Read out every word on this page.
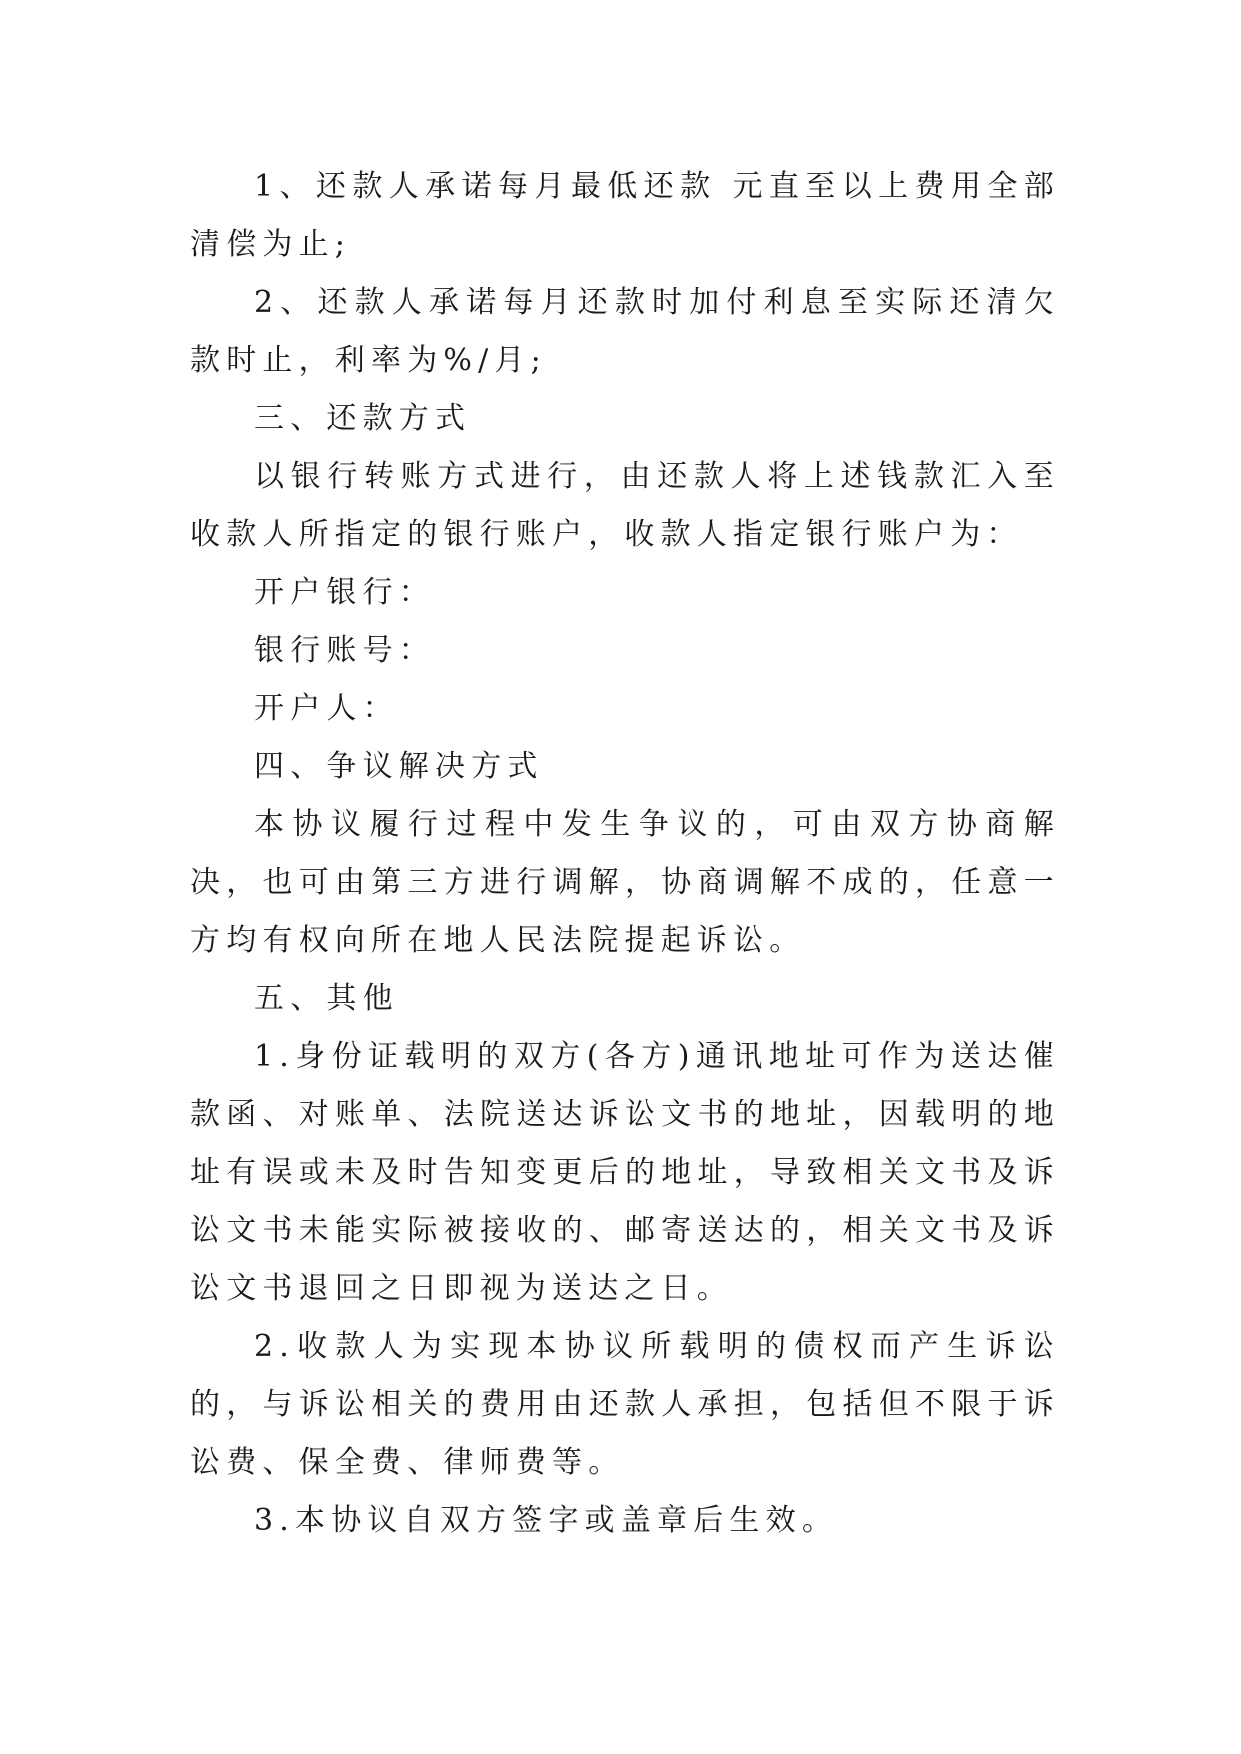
1、还款人承诺每月最低还款 元直至以上费用全部清偿为止;

2、还款人承诺每月还款时加付利息至实际还清欠款时止，利率为%/月;

三、还款方式

以银行转账方式进行，由还款人将上述钱款汇入至收款人所指定的银行账户，收款人指定银行账户为：

开户银行：

银行账号：

开户人：

四、争议解决方式

本协议履行过程中发生争议的，可由双方协商解决，也可由第三方进行调解，协商调解不成的，任意一方均有权向所在地人民法院提起诉讼。

五、其他

1.身份证载明的双方(各方)通讯地址可作为送达催款函、对账单、法院送达诉讼文书的地址，因载明的地址有误或未及时告知变更后的地址，导致相关文书及诉讼文书未能实际被接收的、邮寄送达的，相关文书及诉讼文书退回之日即视为送达之日。

2.收款人为实现本协议所载明的债权而产生诉讼的，与诉讼相关的费用由还款人承担，包括但不限于诉讼费、保全费、律师费等。

3.本协议自双方签字或盖章后生效。
